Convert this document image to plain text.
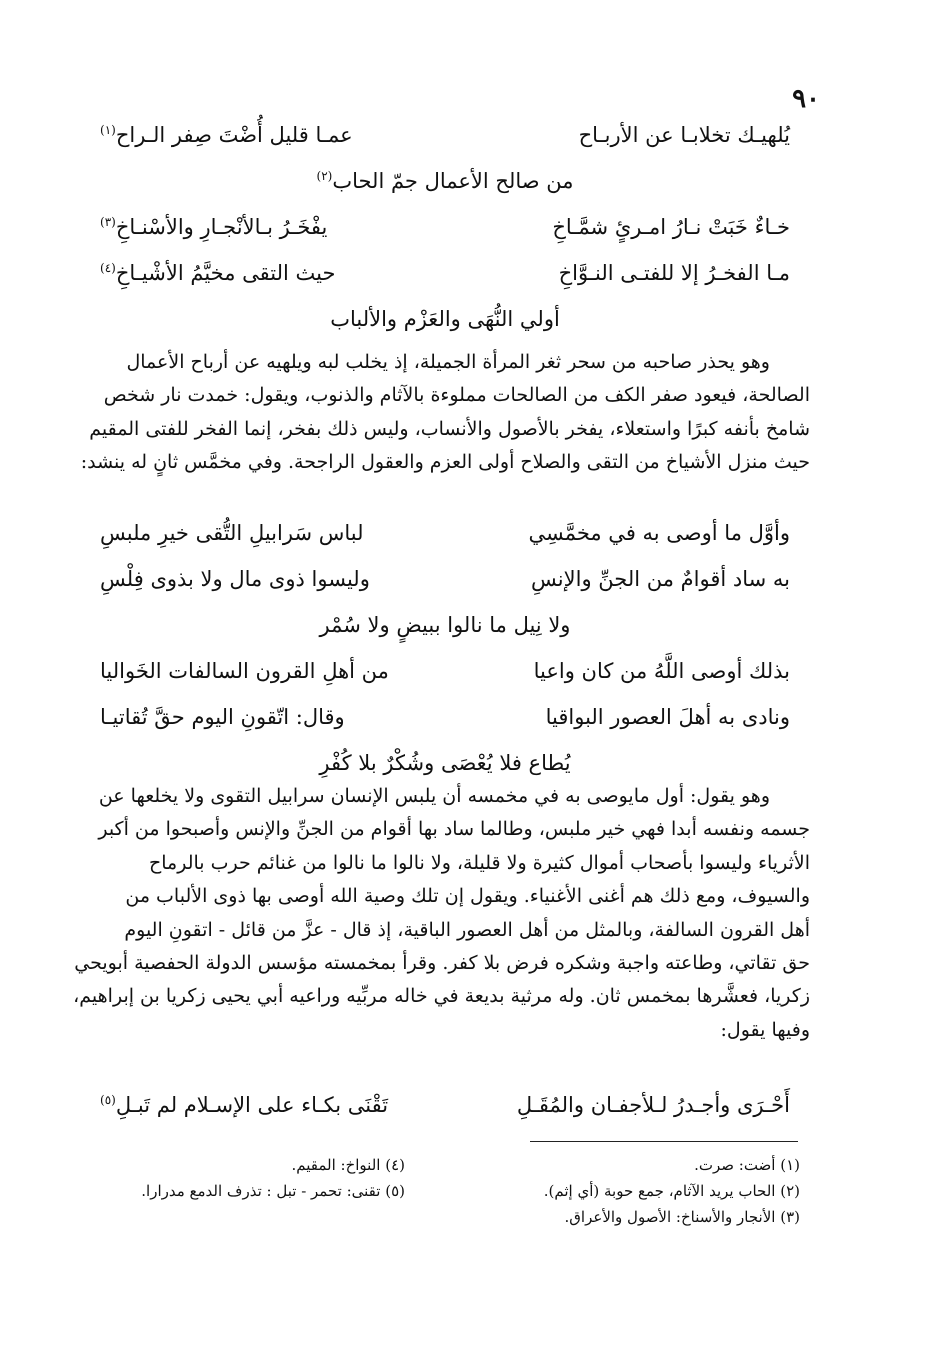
٩٠
يُلهيـك تخلابـا عن الأربـاح
عمـا قليل أُضْتَ صِفر الـراح$^{(١)}$
من صالح الأعمال جمّ الحاب$^{(٢)}$
خـاءٌ خَبَتْ نـارُ امـرئٍ شمَّـاخِ
يفْخَـرُ بـالأنْجـارِ والأسْنـاخِ$^{(٣)}$
مـا الفخـرُ إلا للفتـى النـوَّاخِ
حيث التقى مخيَّمُ الأشْيـاخِ$^{(٤)}$
أولي النُّهَى والعَزْم والألباب
وهو يحذر صاحبه من سحر ثغر المرأة الجميلة، إذ يخلب لبه ويلهيه عن أرباح الأعمال
الصالحة، فيعود صفر الكف من الصالحات مملوءة بالآثام والذنوب، ويقول: خمدت نار شخص
شامخ بأنفه كبرًا واستعلاء، يفخر بالأصول والأنساب، وليس ذلك بفخر، إنما الفخر للفتى المقيم
حيث منزل الأشياخ من التقى والصلاح أولى العزم والعقول الراجحة. وفي مخمَّس ثانٍ له ينشد:
وأوَّل ما أوصى به في مخمَّسِي
لباس سَرابيلِ التُّقى خيرِ ملبسِ
به ساد أقوامٌ من الجنِّ والإنسِ
وليسوا ذوى مال ولا بذوى فِلْسِ
ولا نِيل ما نالوا ببيضٍ ولا سُمْر
بذلك أوصى اللَّهُ من كان واعيا
من أهلِ القرون السالفات الخَواليا
ونادى به أهلَ العصور البواقيا
وقال: اتّقونِ اليوم حقَّ تُقاتيـا
يُطاع فلا يُعْصَى وشُكْرٌ بلا كُفْرِ
وهو يقول: أول مايوصى به في مخمسه أن يلبس الإنسان سرابيل التقوى ولا يخلعها عن
جسمه ونفسه أبدا فهي خير ملبس، وطالما ساد بها أقوام من الجنِّ والإنس وأصبحوا من أكبر
الأثرياء وليسوا بأصحاب أموال كثيرة ولا قليلة، ولا نالوا ما نالوا من غنائم حرب بالرماح
والسيوف، ومع ذلك هم أغنى الأغنياء. ويقول إن تلك وصية الله أوصى بها ذوى الألباب من
أهل القرون السالفة، وبالمثل من أهل العصور الباقية، إذ قال - عزَّ من قائل - اتقونِ اليوم
حق تقاتي، وطاعته واجبة وشكره فرض بلا كفر. وقرأ بمخمسته مؤسس الدولة الحفصية أبويحي
زكريا، فعشَّرها بمخمس ثان. وله مرثية بديعة في خاله مربِّيه وراعيه أبي يحيى زكريا بن إبراهيم،
وفيها يقول:
أَحْـرَى وأجـدرُ لـلأجفـان والمُقَـلِ
تَقْنَى بكـاء على الإسـلام لم تَبـلِ$^{(٥)}$
(١) أضت: صرت.
(٢) الحاب يريد الآثام، جمع حوبة (أي إثم).
(٣) الأنجار والأسناخ: الأصول والأعراق.
(٤) النواخ: المقيم.
(٥) تقنى: تحمر - تبل : تذرف الدمع مدرارا.
